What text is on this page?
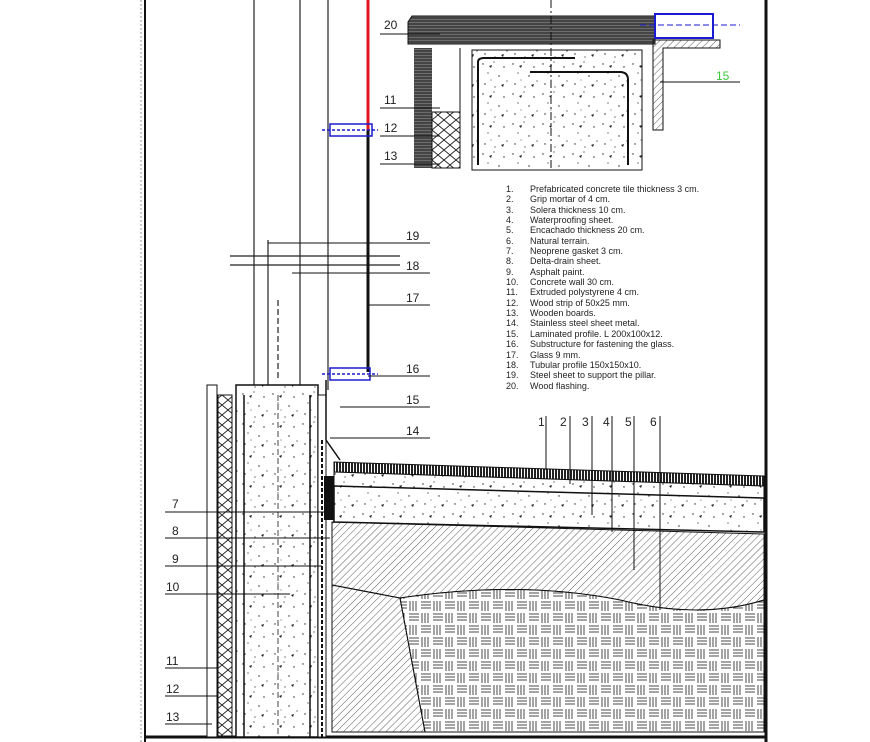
20
11
12
13
15
19
18
17
16
15
14
7
8
9
10
11
12
13
1 2 3 4 5 6
1.	Prefabricated concrete tile thickness 3 cm.
2.	Grip mortar of 4 cm.
3.	Solera thickness 10 cm.
4.	Waterproofing sheet.
5.	Encachado thickness 20 cm.
6.	Natural terrain.
7.	Neoprene gasket 3 cm.
8.	Delta-drain sheet.
9.	Asphalt paint.
10.	Concrete wall 30 cm.
11.	Extruded polystyrene 4 cm.
12.	Wood strip of 50x25 mm.
13.	Wooden boards.
14.	Stainless steel sheet metal.
15.	Laminated profile. L 200x100x12.
16.	Substructure for fastening the glass.
17.	Glass 9 mm.
18.	Tubular profile 150x150x10.
19.	Steel sheet to support the pillar.
20.	Wood flashing.
